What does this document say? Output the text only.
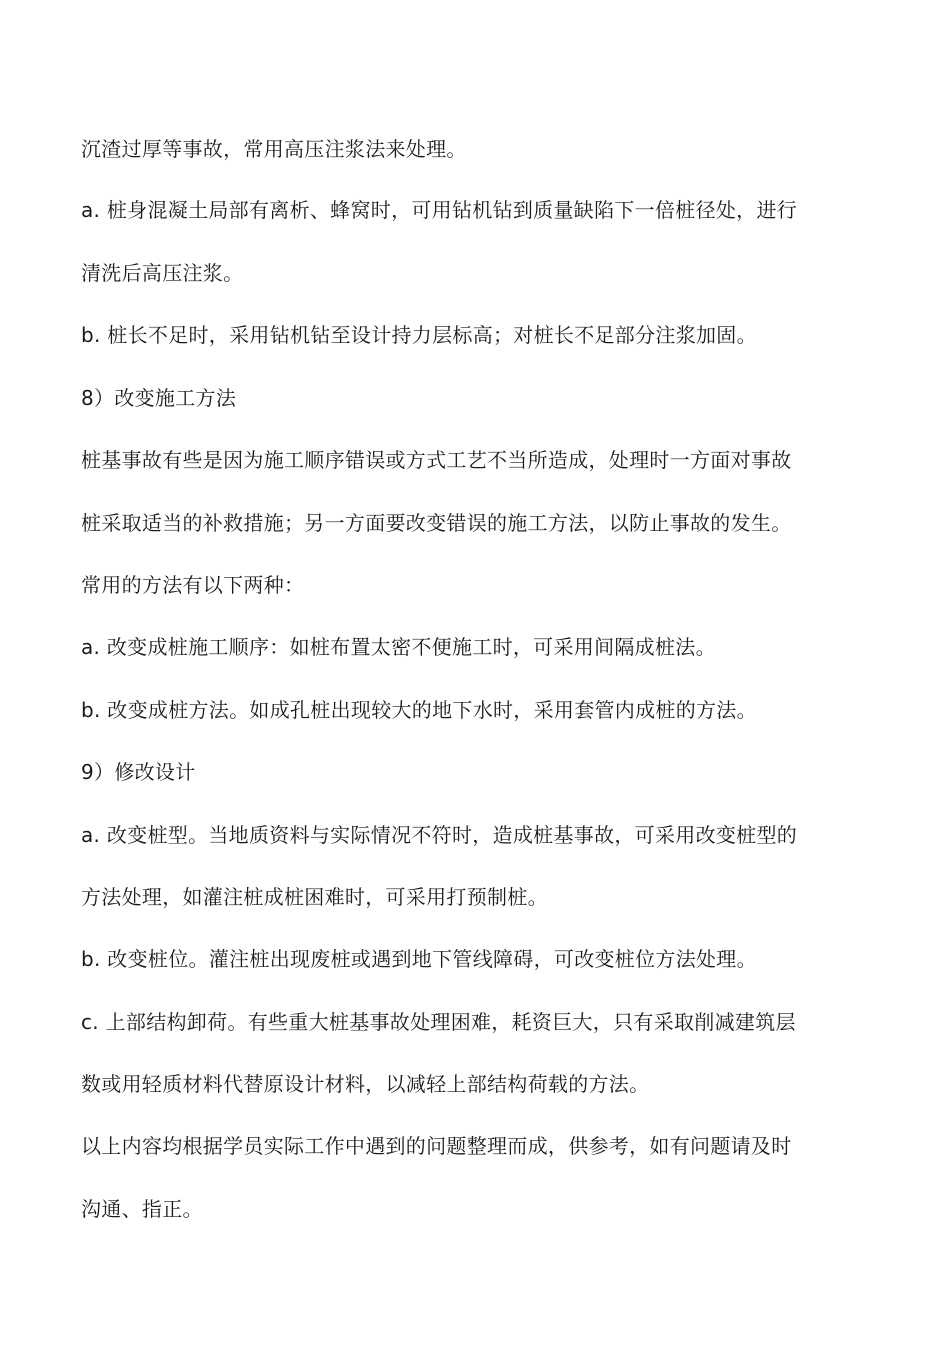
沉渣过厚等事故，常用高压注浆法来处理。
a. 桩身混凝土局部有离析、蜂窝时，可用钻机钻到质量缺陷下一倍桩径处，进行
清洗后高压注浆。
b. 桩长不足时，采用钻机钻至设计持力层标高；对桩长不足部分注浆加固。
8）改变施工方法
桩基事故有些是因为施工顺序错误或方式工艺不当所造成，处理时一方面对事故
桩采取适当的补救措施；另一方面要改变错误的施工方法，以防止事故的发生。
常用的方法有以下两种：
a. 改变成桩施工顺序：如桩布置太密不便施工时，可采用间隔成桩法。
b. 改变成桩方法。如成孔桩出现较大的地下水时，采用套管内成桩的方法。
9）修改设计
a. 改变桩型。当地质资料与实际情况不符时，造成桩基事故，可采用改变桩型的
方法处理，如灌注桩成桩困难时，可采用打预制桩。
b. 改变桩位。灌注桩出现废桩或遇到地下管线障碍，可改变桩位方法处理。
c. 上部结构卸荷。有些重大桩基事故处理困难，耗资巨大，只有采取削减建筑层
数或用轻质材料代替原设计材料，以减轻上部结构荷载的方法。
以上内容均根据学员实际工作中遇到的问题整理而成，供参考，如有问题请及时
沟通、指正。
